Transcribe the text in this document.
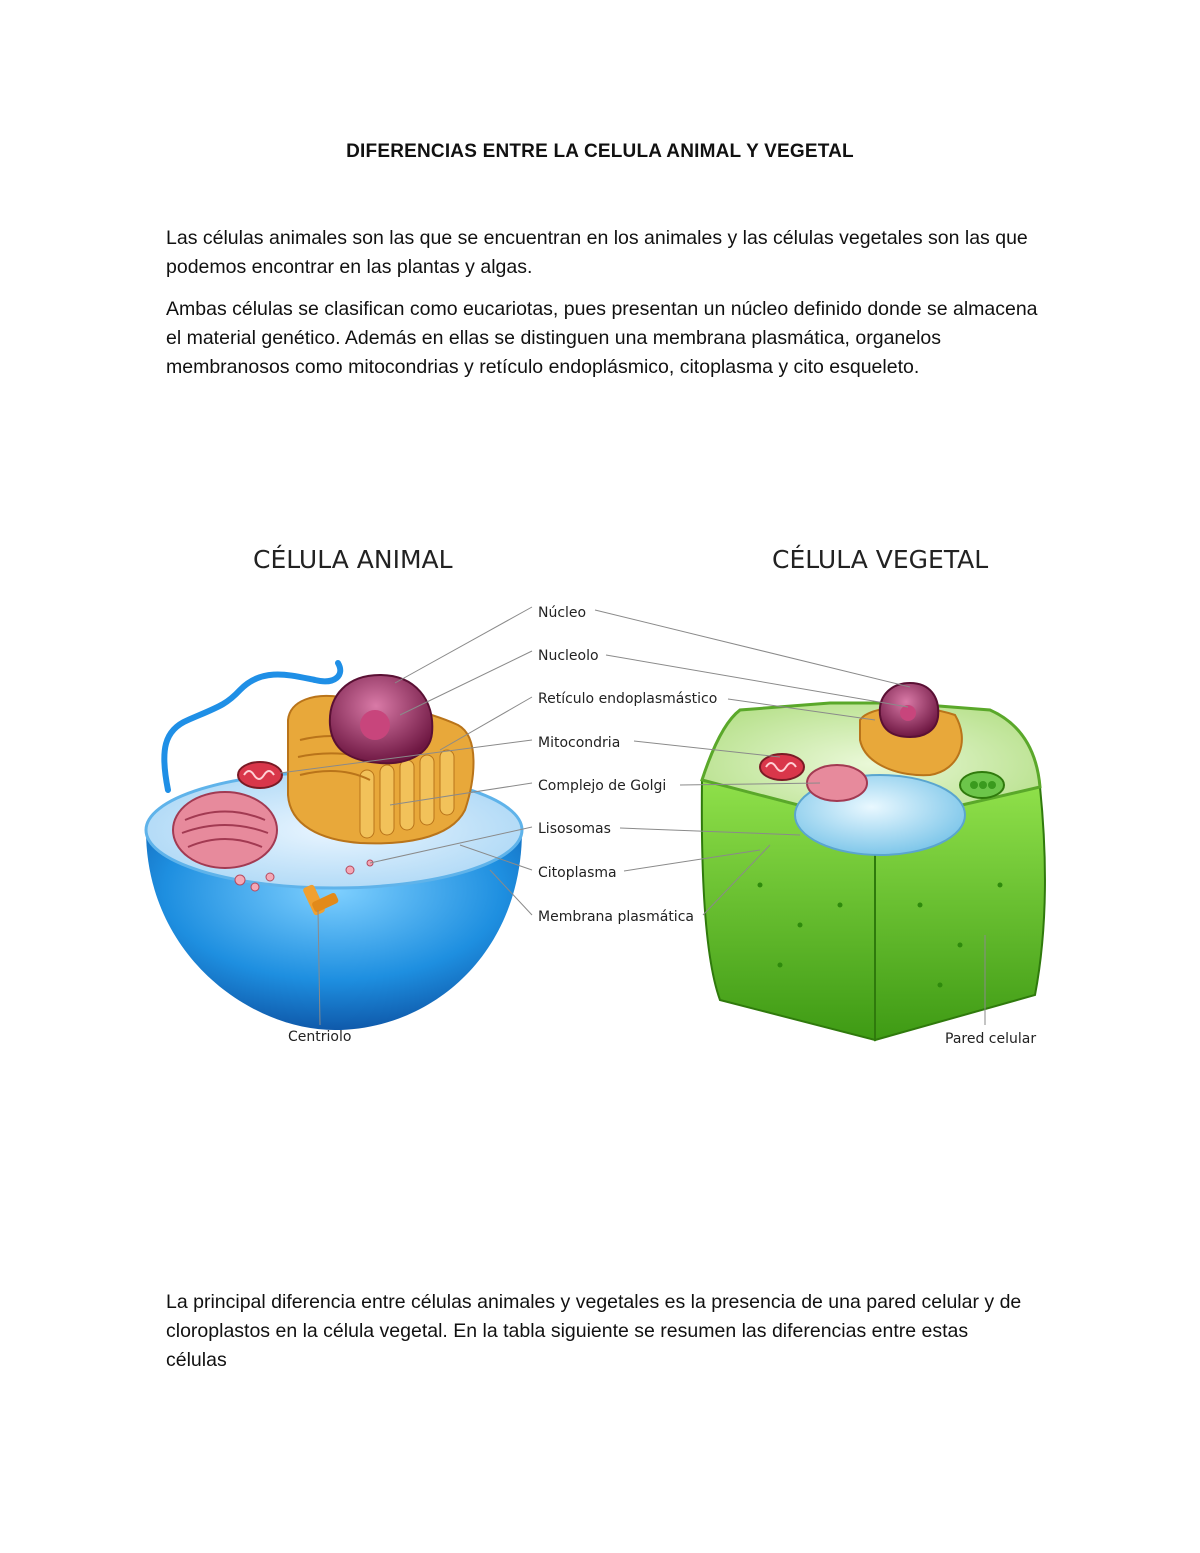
DIFERENCIAS ENTRE LA CELULA ANIMAL Y VEGETAL

Las células animales son las que se encuentran en los animales y las células vegetales son las que podemos encontrar en las plantas y algas.

Ambas células se clasifican como eucariotas, pues presentan un núcleo definido donde se almacena el material genético. Además en ellas se distinguen una membrana plasmática, organelos membranosos como mitocondrias y retículo endoplásmico, citoplasma y cito esqueleto.

CÉLULA ANIMAL	CÉLULA VEGETAL
Núcleo
Nucleolo
Retículo endoplasmástico
Mitocondria
Complejo de Golgi
Lisosomas
Citoplasma
Membrana plasmática
Centriolo	Pared celular

La principal diferencia entre células animales y vegetales es la presencia de una pared celular y de cloroplastos en la célula vegetal. En la tabla siguiente se resumen las diferencias entre estas células
